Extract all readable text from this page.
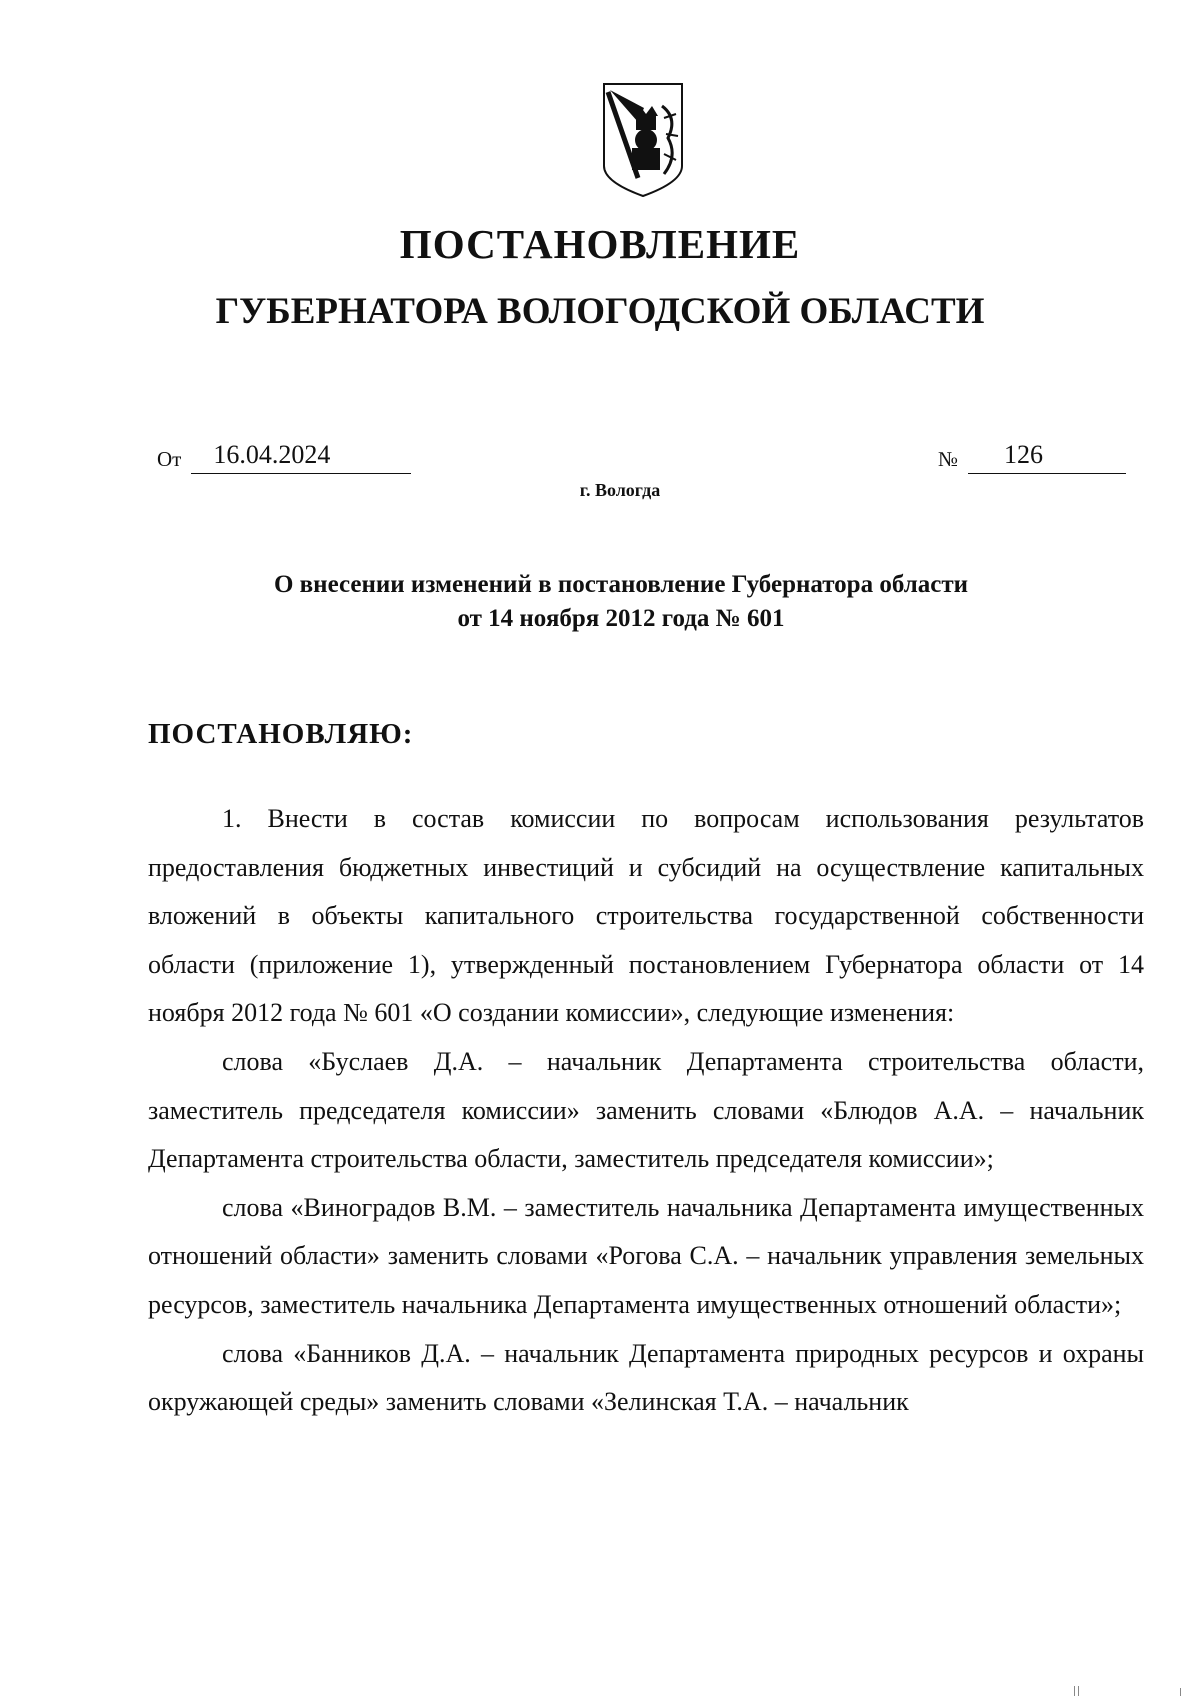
ПОСТАНОВЛЕНИЕ
ГУБЕРНАТОРА ВОЛОГОДСКОЙ ОБЛАСТИ
От 16.04.2024	№ 126
г. Вологда
О внесении изменений в постановление Губернатора области
от 14 ноября 2012 года № 601
ПОСТАНОВЛЯЮ:

1. Внести в состав комиссии по вопросам использования результатов предоставления бюджетных инвестиций и субсидий на осуществление капитальных вложений в объекты капитального строительства государственной собственности области (приложение 1), утвержденный постановлением Губернатора области от 14 ноября 2012 года № 601 «О создании комиссии», следующие изменения:

слова «Буслаев Д.А. – начальник Департамента строительства области, заместитель председателя комиссии» заменить словами «Блюдов А.А. – начальник Департамента строительства области, заместитель председателя комиссии»;

слова «Виноградов В.М. – заместитель начальника Департамента имущественных отношений области» заменить словами «Рогова С.А. – начальник управления земельных ресурсов, заместитель начальника Департамента имущественных отношений области»;

слова «Банников Д.А. – начальник Департамента природных ресурсов и охраны окружающей среды» заменить словами «Зелинская Т.А. – начальник
